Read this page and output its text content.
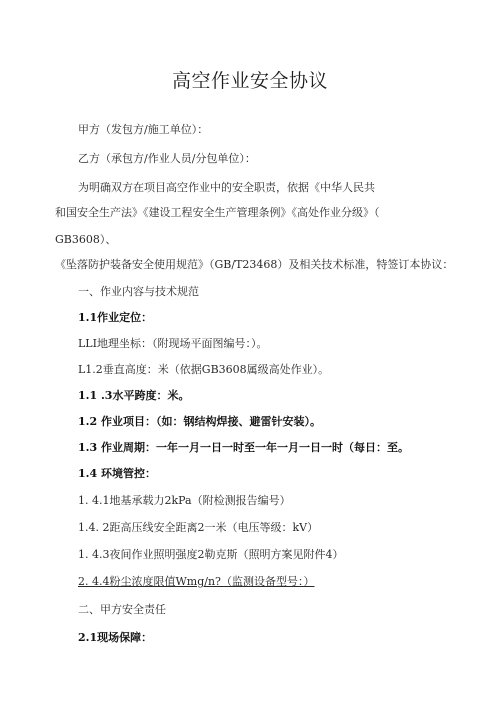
高空作业安全协议
甲方（发包方/施工单位）：
乙方（承包方/作业人员/分包单位）：
为明确双方在项目高空作业中的安全职责，依据《中华人民共
和国安全生产法》《建设工程安全生产管理条例》《高处作业分级》（
GB3608）、
《坠落防护装备安全使用规范》（GB/T23468）及相关技术标准，特签订本协议：
一、作业内容与技术规范
1.1作业定位：
LLI地理坐标：（附现场平面图编号：）。
L1.2垂直高度：米（依据GB3608属级高处作业）。
1.1 .3水平跨度：米。
1.2 作业项目：（如：钢结构焊接、避雷针安装）。
1.3 作业周期：一年一月一日一时至一年一月一日一时（每日：至。
1.4 环境管控：
1. 4.1地基承载力2kPa（附检测报告编号）
1.4. 2距高压线安全距离2一米（电压等级：kV）
1. 4.3夜间作业照明强度2勒克斯（照明方案见附件4）
2. 4.4粉尘浓度限值Wmg/n?（监测设备型号：）
二、甲方安全责任
2.1现场保障：
